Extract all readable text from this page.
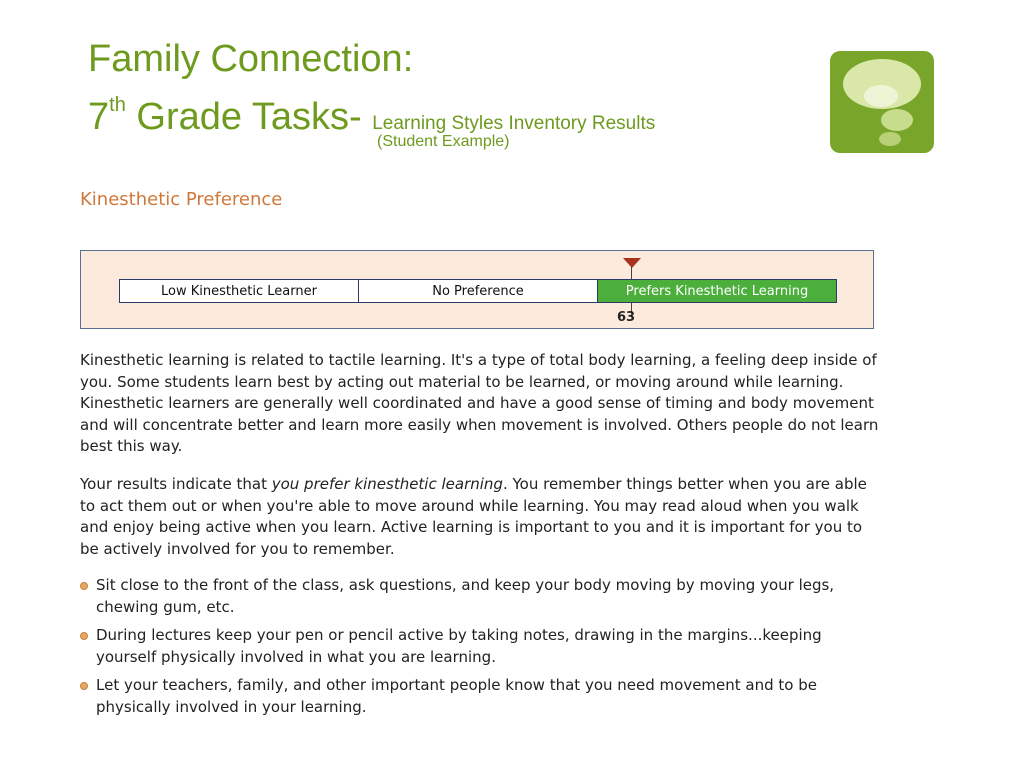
Family Connection:
7th Grade Tasks- Learning Styles Inventory Results
(Student Example)
Kinesthetic Preference
Low Kinesthetic Learner	No Preference	Prefers Kinesthetic Learning
63
Kinesthetic learning is related to tactile learning. It's a type of total body learning, a feeling deep inside of you. Some students learn best by acting out material to be learned, or moving around while learning. Kinesthetic learners are generally well coordinated and have a good sense of timing and body movement and will concentrate better and learn more easily when movement is involved. Others people do not learn best this way.
Your results indicate that you prefer kinesthetic learning. You remember things better when you are able to act them out or when you're able to move around while learning. You may read aloud when you walk and enjoy being active when you learn. Active learning is important to you and it is important for you to be actively involved for you to remember.
Sit close to the front of the class, ask questions, and keep your body moving by moving your legs, chewing gum, etc.
During lectures keep your pen or pencil active by taking notes, drawing in the margins...keeping yourself physically involved in what you are learning.
Let your teachers, family, and other important people know that you need movement and to be physically involved in your learning.
